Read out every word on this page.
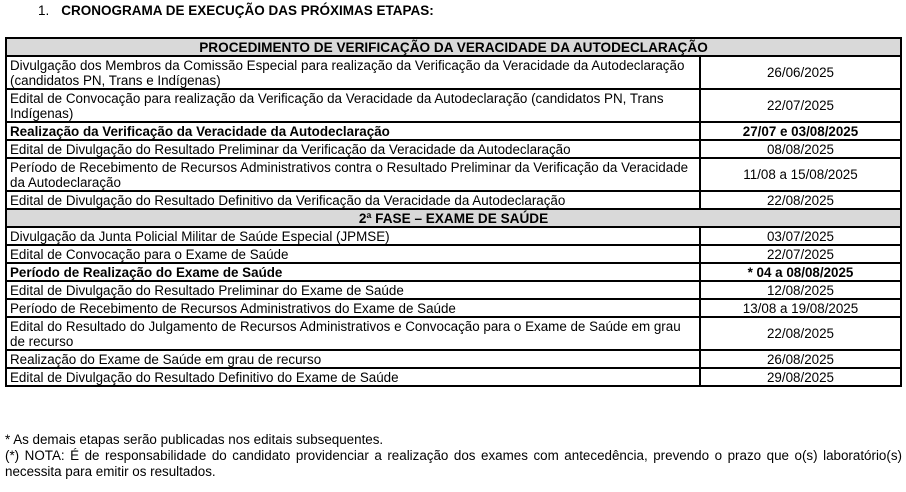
1. CRONOGRAMA DE EXECUÇÃO DAS PRÓXIMAS ETAPAS:
PROCEDIMENTO DE VERIFICAÇÃO DA VERACIDADE DA AUTODECLARAÇÃO	
Divulgação dos Membros da Comissão Especial para realização da Verificação da Veracidade da Autodeclaração (candidatos PN, Trans e Indígenas)	26/06/2025
Edital de Convocação para realização da Verificação da Veracidade da Autodeclaração (candidatos PN, Trans Indígenas)	22/07/2025
Realização da Verificação da Veracidade da Autodeclaração	27/07 e 03/08/2025
Edital de Divulgação do Resultado Preliminar da Verificação da Veracidade da Autodeclaração	08/08/2025
Período de Recebimento de Recursos Administrativos contra o Resultado Preliminar da Verificação da Veracidade da Autodeclaração	11/08 a 15/08/2025
Edital de Divulgação do Resultado Definitivo da Verificação da Veracidade da Autodeclaração	22/08/2025
2ª FASE – EXAME DE SAÚDE	
Divulgação da Junta Policial Militar de Saúde Especial (JPMSE)	03/07/2025
Edital de Convocação para o Exame de Saúde	22/07/2025
Período de Realização do Exame de Saúde	* 04 a 08/08/2025
Edital de Divulgação do Resultado Preliminar do Exame de Saúde	12/08/2025
Período de Recebimento de Recursos Administrativos do Exame de Saúde	13/08 a 19/08/2025
Edital do Resultado do Julgamento de Recursos Administrativos e Convocação para o Exame de Saúde em grau de recurso	22/08/2025
Realização do Exame de Saúde em grau de recurso	26/08/2025
Edital de Divulgação do Resultado Definitivo do Exame de Saúde	29/08/2025
* As demais etapas serão publicadas nos editais subsequentes.
(*) NOTA: É de responsabilidade do candidato providenciar a realização dos exames com antecedência, prevendo o prazo que o(s) laboratório(s) necessita para emitir os resultados.
